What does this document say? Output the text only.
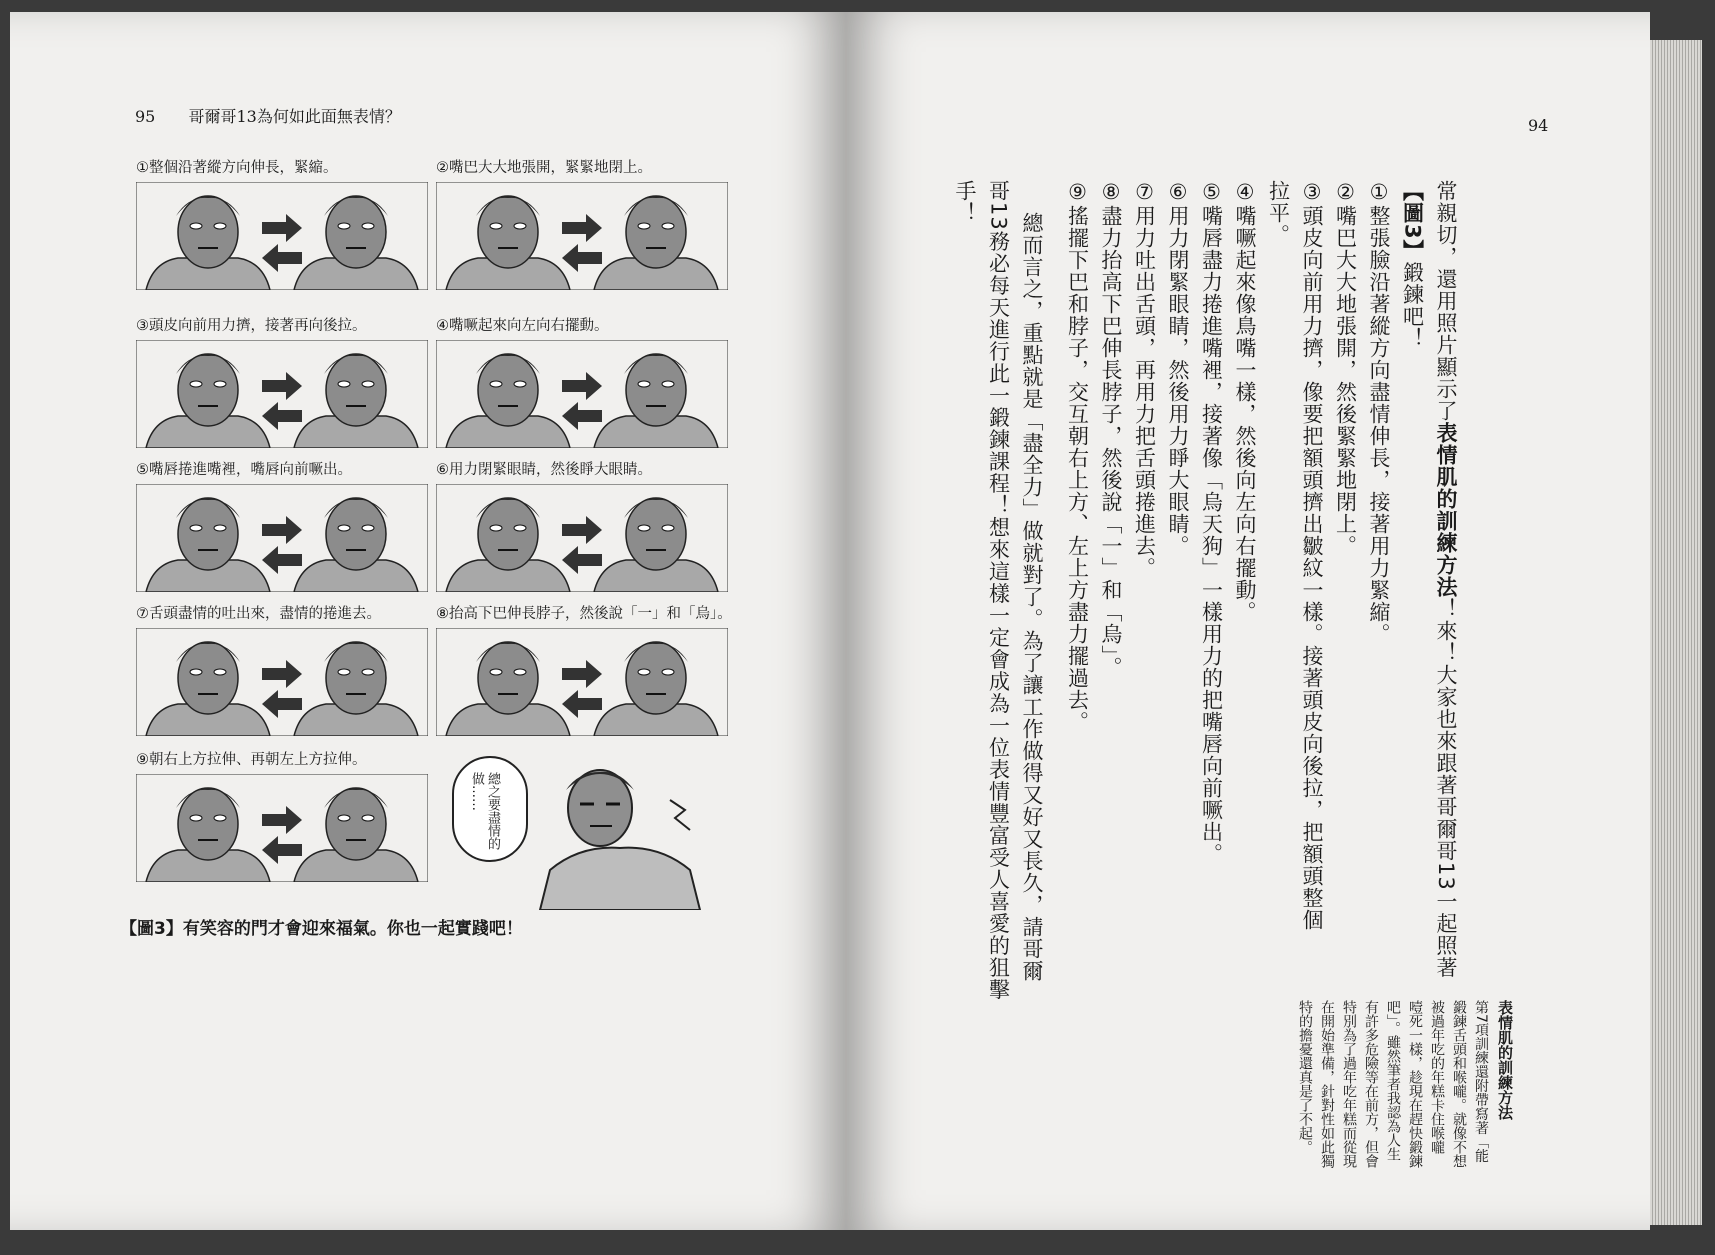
95 哥爾哥13為何如此面無表情？
①整個沿著縱方向伸長，緊縮。	②嘴巴大大地張開，緊緊地閉上。
③頭皮向前用力擠，接著再向後拉。	④嘴噘起來向左向右擺動。
⑤嘴唇捲進嘴裡，嘴唇向前噘出。	⑥用力閉緊眼睛，然後睜大眼睛。
⑦舌頭盡情的吐出來，盡情的捲進去。	⑧抬高下巴伸長脖子，然後說「一」和「烏」。
⑨朝右上方拉伸、再朝左上方拉伸。
總之要盡情的做……
【圖3】有笑容的門才會迎來福氣。你也一起實踐吧！
94
常親切，還用照片顯示了表情肌的訓練方法！來！大家也來跟著哥爾哥13一起照著
【圖3】鍛鍊吧！
①整張臉沿著縱方向盡情伸長，接著用力緊縮。
②嘴巴大大地張開，然後緊緊地閉上。
③頭皮向前用力擠，像要把額頭擠出皺紋一樣。接著頭皮向後拉，把額頭整個
拉平。
④嘴噘起來像鳥嘴一樣，然後向左向右擺動。
⑤嘴唇盡力捲進嘴裡，接著像「烏天狗」一樣用力的把嘴唇向前噘出。
⑥用力閉緊眼睛，然後用力睜大眼睛。
⑦用力吐出舌頭，再用力把舌頭捲進去。
⑧盡力抬高下巴伸長脖子，然後說「一」和「烏」。
⑨搖擺下巴和脖子，交互朝右上方、左上方盡力擺過去。
總而言之，重點就是「盡全力」做就對了。為了讓工作做得又好又長久，請哥爾
哥13務必每天進行此一鍛鍊課程！想來這樣一定會成為一位表情豐富受人喜愛的狙擊
手！
表情肌的訓練方法
第7項訓練還附帶寫著「能
鍛鍊舌頭和喉嚨。就像不想
被過年吃的年糕卡住喉嚨
噎死一樣，趁現在趕快鍛鍊
吧」。雖然筆者我認為人生
有許多危險等在前方，但會
特別為了過年吃年糕而從現
在開始準備，針對性如此獨
特的擔憂還真是了不起。
